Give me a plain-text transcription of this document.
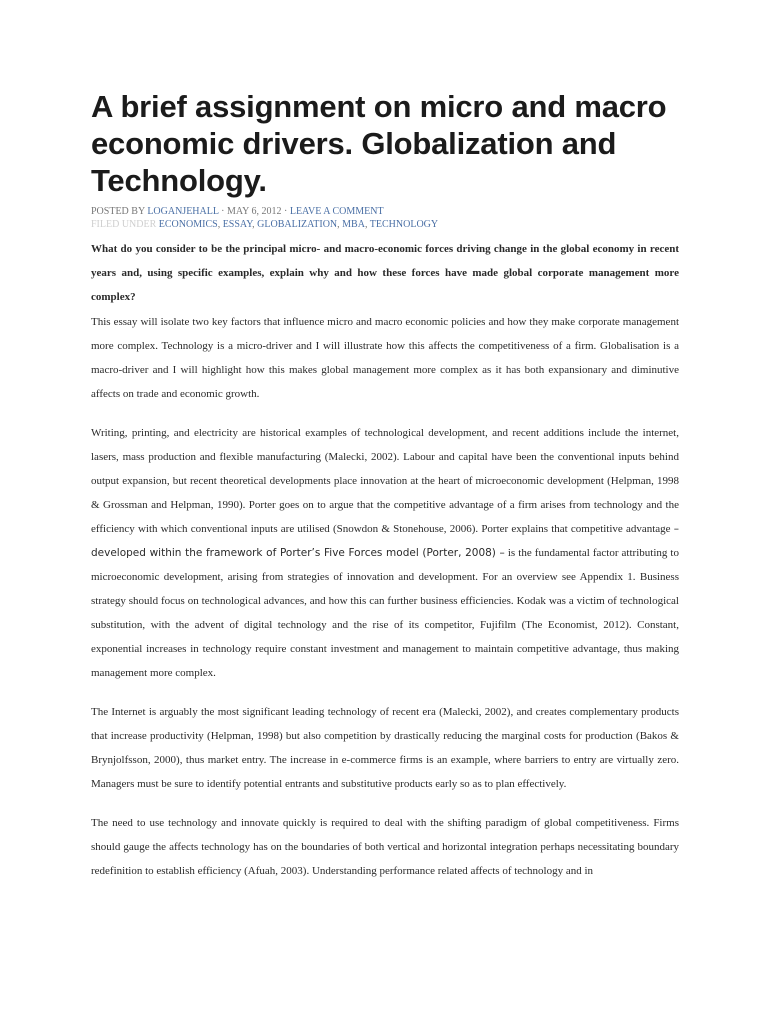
A brief assignment on micro and macro economic drivers. Globalization and Technology.
POSTED BY LOGANJEHALL · MAY 6, 2012 · LEAVE A COMMENT
FILED UNDER ECONOMICS, ESSAY, GLOBALIZATION, MBA, TECHNOLOGY

What do you consider to be the principal micro- and macro-economic forces driving change in the global economy in recent years and, using specific examples, explain why and how these forces have made global corporate management more complex?

This essay will isolate two key factors that influence micro and macro economic policies and how they make corporate management more complex. Technology is a micro-driver and I will illustrate how this affects the competitiveness of a firm. Globalisation is a macro-driver and I will highlight how this makes global management more complex as it has both expansionary and diminutive affects on trade and economic growth.

Writing, printing, and electricity are historical examples of technological development, and recent additions include the internet, lasers, mass production and flexible manufacturing (Malecki, 2002). Labour and capital have been the conventional inputs behind output expansion, but recent theoretical developments place innovation at the heart of microeconomic development (Helpman, 1998 & Grossman and Helpman, 1990). Porter goes on to argue that the competitive advantage of a firm arises from technology and the efficiency with which conventional inputs are utilised (Snowdon & Stonehouse, 2006). Porter explains that competitive advantage – developed within the framework of Porter’s Five Forces model (Porter, 2008) – is the fundamental factor attributing to microeconomic development, arising from strategies of innovation and development. For an overview see Appendix 1. Business strategy should focus on technological advances, and how this can further business efficiencies. Kodak was a victim of technological substitution, with the advent of digital technology and the rise of its competitor, Fujifilm (The Economist, 2012). Constant, exponential increases in technology require constant investment and management to maintain competitive advantage, thus making management more complex.

The Internet is arguably the most significant leading technology of recent era (Malecki, 2002), and creates complementary products that increase productivity (Helpman, 1998) but also competition by drastically reducing the marginal costs for production (Bakos & Brynjolfsson, 2000), thus market entry. The increase in e-commerce firms is an example, where barriers to entry are virtually zero. Managers must be sure to identify potential entrants and substitutive products early so as to plan effectively.

The need to use technology and innovate quickly is required to deal with the shifting paradigm of global competitiveness. Firms should gauge the affects technology has on the boundaries of both vertical and horizontal integration perhaps necessitating boundary redefinition to establish efficiency (Afuah, 2003). Understanding performance related affects of technology and in
